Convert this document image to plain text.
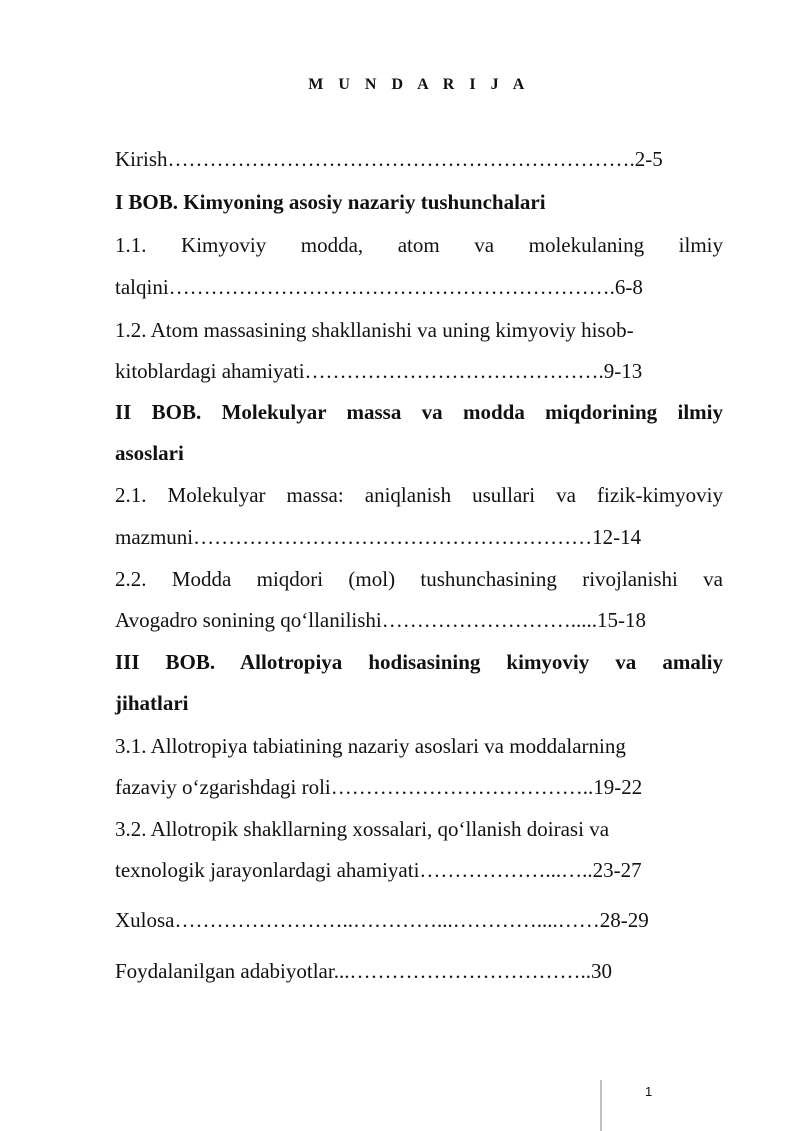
M U N D A R I J A
Kirish………………………………………………………….2-5
I BOB. Kimyoning asosiy nazariy tushunchalari
1.1. Kimyoviy modda, atom va molekulaning ilmiy
talqini……………………………………………………….6-8
1.2. Atom massasining shakllanishi va uning kimyoviy hisob-
kitoblardagi ahamiyati…………………………………….9-13
II BOB. Molekulyar massa va modda miqdorining ilmiy
asoslari
2.1. Molekulyar massa: aniqlanish usullari va fizik-kimyoviy
mazmuni…………………………………………………12-14
2.2. Modda miqdori (mol) tushunchasining rivojlanishi va
Avogadro sonining qo‘llanilishi……………………….....15-18
III BOB. Allotropiya hodisasining kimyoviy va amaliy
jihatlari
3.1. Allotropiya tabiatining nazariy asoslari va moddalarning
fazaviy o‘zgarishdagi roli………………………………..19-22
3.2. Allotropik shakllarning xossalari, qo‘llanish doirasi va
texnologik jarayonlardagi ahamiyati………………...…..23-27
Xulosa……………………..…………...…………....……28-29
Foydalanilgan adabiyotlar...……………………………..30
1
